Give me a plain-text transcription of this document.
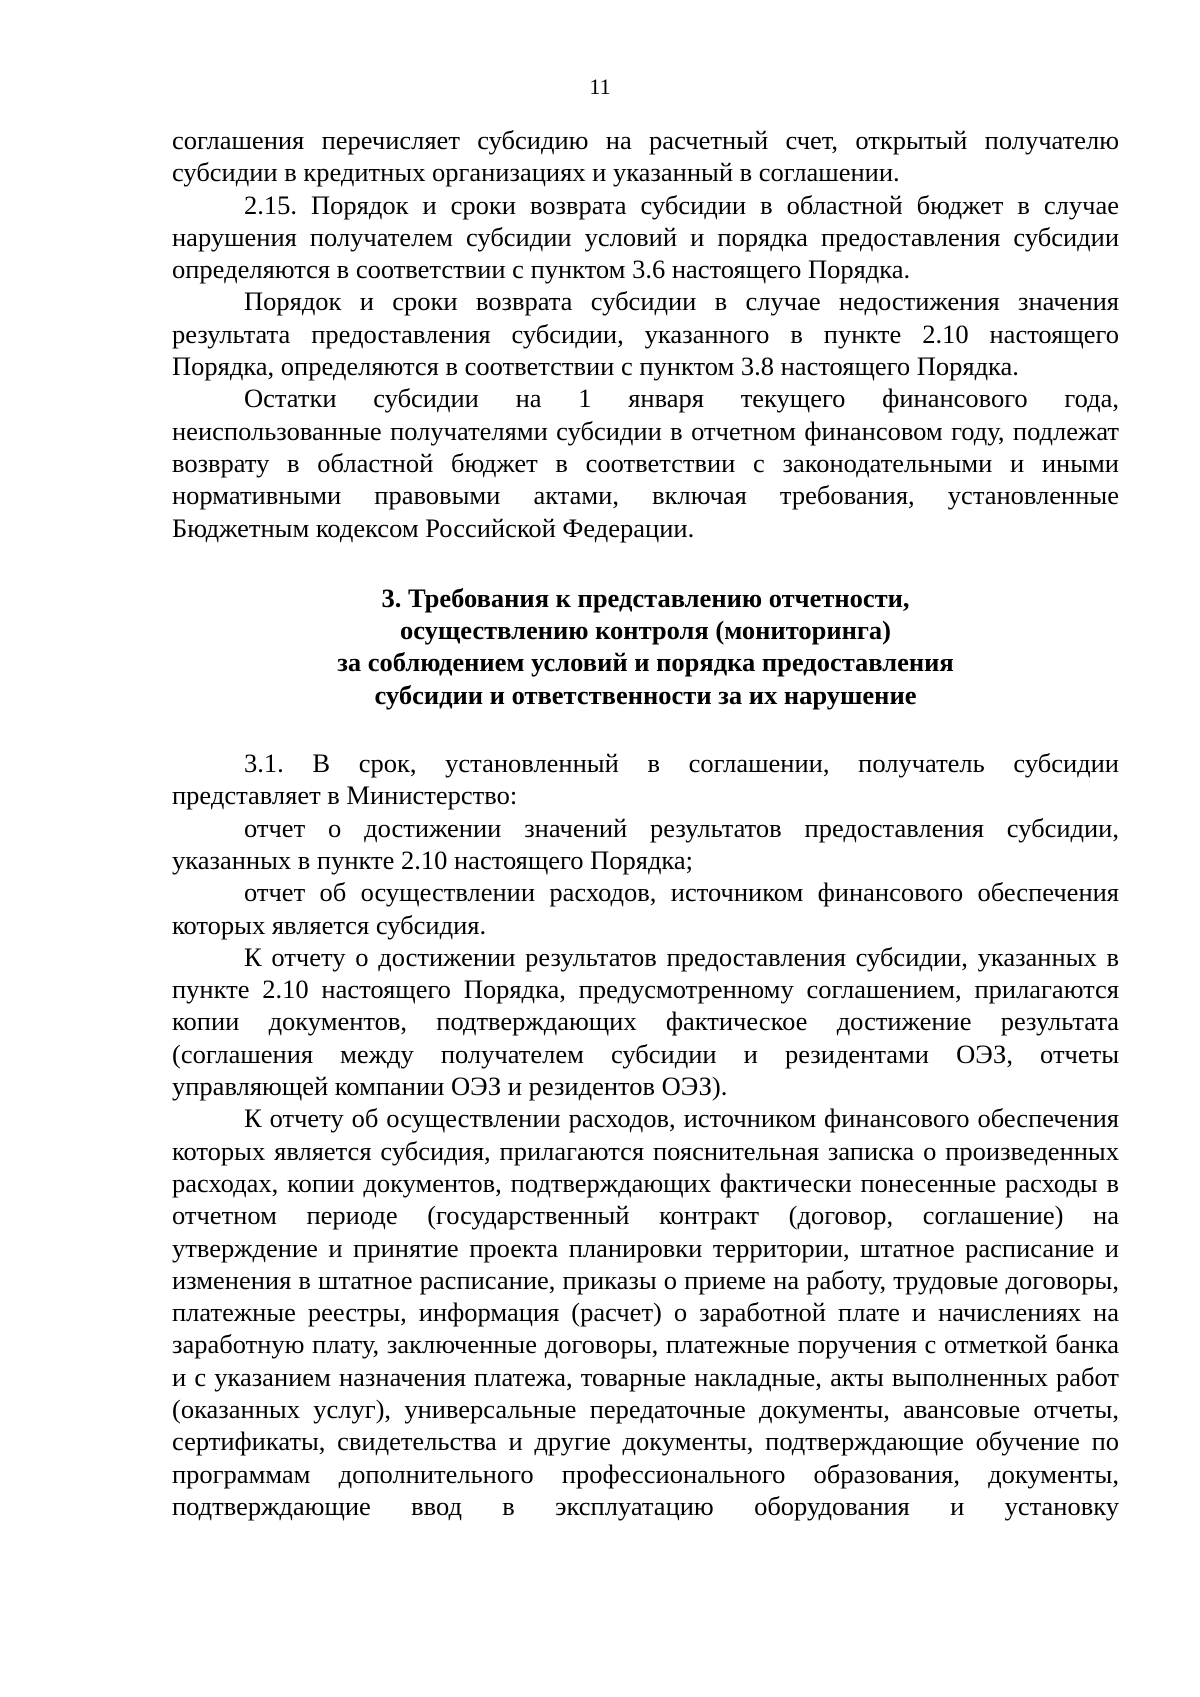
11

соглашения перечисляет субсидию на расчетный счет, открытый получателю субсидии в кредитных организациях и указанный в соглашении.

2.15. Порядок и сроки возврата субсидии в областной бюджет в случае нарушения получателем субсидии условий и порядка предоставления субсидии определяются в соответствии с пунктом 3.6 настоящего Порядка.

Порядок и сроки возврата субсидии в случае недостижения значения результата предоставления субсидии, указанного в пункте 2.10 настоящего Порядка, определяются в соответствии с пунктом 3.8 настоящего Порядка.

Остатки субсидии на 1 января текущего финансового года, неиспользованные получателями субсидии в отчетном финансовом году, подлежат возврату в областной бюджет в соответствии с законодательными и иными нормативными правовыми актами, включая требования, установленные Бюджетным кодексом Российской Федерации.

3. Требования к представлению отчетности,
осуществлению контроля (мониторинга)
за соблюдением условий и порядка предоставления
субсидии и ответственности за их нарушение

3.1. В срок, установленный в соглашении, получатель субсидии представляет в Министерство:

отчет о достижении значений результатов предоставления субсидии, указанных в пункте 2.10 настоящего Порядка;

отчет об осуществлении расходов, источником финансового обеспечения которых является субсидия.

К отчету о достижении результатов предоставления субсидии, указанных в пункте 2.10 настоящего Порядка, предусмотренному соглашением, прилагаются копии документов, подтверждающих фактическое достижение результата (соглашения между получателем субсидии и резидентами ОЭЗ, отчеты управляющей компании ОЭЗ и резидентов ОЭЗ).

К отчету об осуществлении расходов, источником финансового обеспечения которых является субсидия, прилагаются пояснительная записка о произведенных расходах, копии документов, подтверждающих фактически понесенные расходы в отчетном периоде (государственный контракт (договор, соглашение) на утверждение и принятие проекта планировки территории, штатное расписание и изменения в штатное расписание, приказы о приеме на работу, трудовые договоры, платежные реестры, информация (расчет) о заработной плате и начислениях на заработную плату, заключенные договоры, платежные поручения с отметкой банка и с указанием назначения платежа, товарные накладные, акты выполненных работ (оказанных услуг), универсальные передаточные документы, авансовые отчеты, сертификаты, свидетельства и другие документы, подтверждающие обучение по программам дополнительного профессионального образования, документы, подтверждающие ввод в эксплуатацию оборудования и установку
